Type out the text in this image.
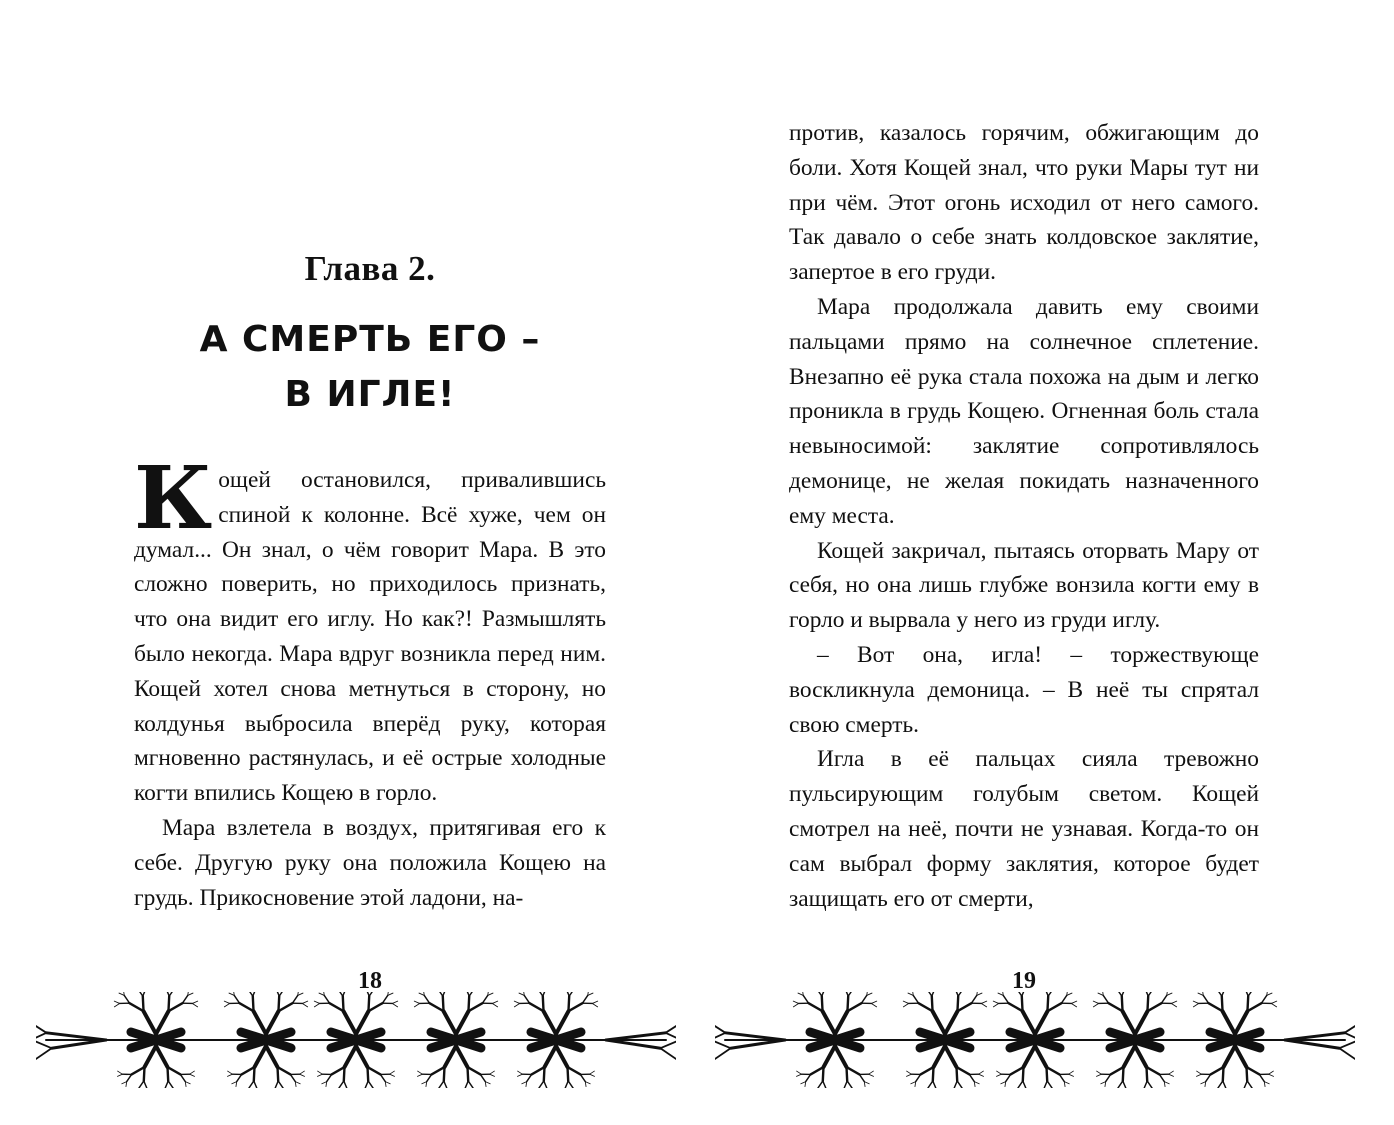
Глава 2.
А СМЕРТЬ ЕГО –
В ИГЛЕ!

Кощей остановился, привалившись спиной к колонне. Всё хуже, чем он думал... Он знал, о чём говорит Мара. В это сложно поверить, но приходилось признать, что она видит его иглу. Но как?! Размышлять было некогда. Мара вдруг возникла перед ним. Кощей хотел снова метнуться в сторону, но колдунья выбросила вперёд руку, которая мгновенно растянулась, и её острые холодные когти впились Кощею в горло.

Мара взлетела в воздух, притягивая его к себе. Другую руку она положила Кощею на грудь. Прикосновение этой ладони, на-

18

против, казалось горячим, обжигающим до боли. Хотя Кощей знал, что руки Мары тут ни при чём. Этот огонь исходил от него самого. Так давало о себе знать колдовское заклятие, запертое в его груди.

Мара продолжала давить ему своими пальцами прямо на солнечное сплетение. Внезапно её рука стала похожа на дым и легко проникла в грудь Кощею. Огненная боль стала невыносимой: заклятие сопротивлялось демонице, не желая покидать назначенного ему места.

Кощей закричал, пытаясь оторвать Мару от себя, но она лишь глубже вонзила когти ему в горло и вырвала у него из груди иглу.

– Вот она, игла! – торжествующе воскликнула демоница. – В неё ты спрятал свою смерть.

Игла в её пальцах сияла тревожно пульсирующим голубым светом. Кощей смотрел на неё, почти не узнавая. Когда-то он сам выбрал форму заклятия, которое будет защищать его от смерти,

19
